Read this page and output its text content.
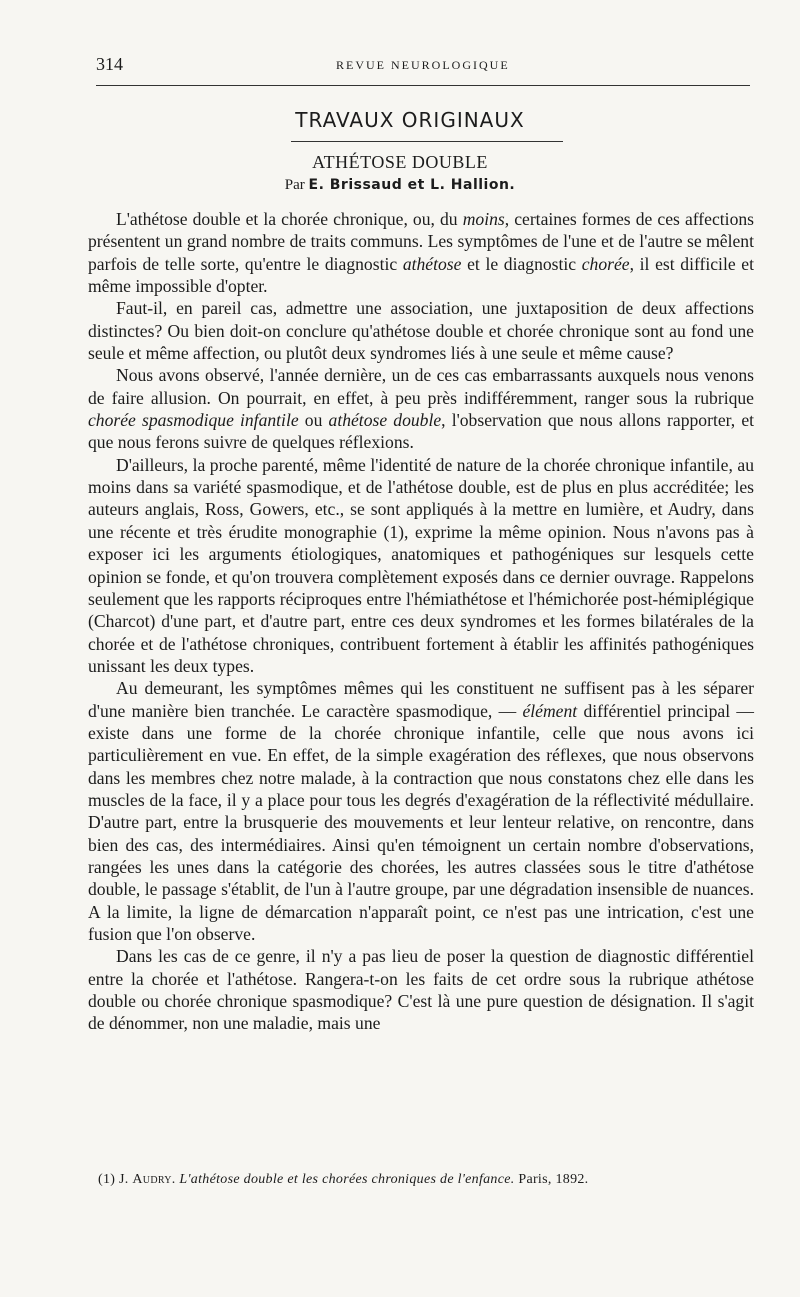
314	REVUE NEUROLOGIQUE
TRAVAUX ORIGINAUX
ATHÉTOSE DOUBLE
Par E. Brissaud et L. Hallion.

L'athétose double et la chorée chronique, ou, du moins, certaines formes de ces affections présentent un grand nombre de traits communs. Les symptômes de l'une et de l'autre se mêlent parfois de telle sorte, qu'entre le diagnostic athétose et le diagnostic chorée, il est difficile et même impossible d'opter.

Faut-il, en pareil cas, admettre une association, une juxtaposition de deux affections distinctes? Ou bien doit-on conclure qu'athétose double et chorée chronique sont au fond une seule et même affection, ou plutôt deux syndromes liés à une seule et même cause?

Nous avons observé, l'année dernière, un de ces cas embarrassants auxquels nous venons de faire allusion. On pourrait, en effet, à peu près indifféremment, ranger sous la rubrique chorée spasmodique infantile ou athétose double, l'observation que nous allons rapporter, et que nous ferons suivre de quelques réflexions.

D'ailleurs, la proche parenté, même l'identité de nature de la chorée chronique infantile, au moins dans sa variété spasmodique, et de l'athétose double, est de plus en plus accréditée; les auteurs anglais, Ross, Gowers, etc., se sont appliqués à la mettre en lumière, et Audry, dans une récente et très érudite monographie (1), exprime la même opinion. Nous n'avons pas à exposer ici les arguments étiologiques, anatomiques et pathogéniques sur lesquels cette opinion se fonde, et qu'on trouvera complètement exposés dans ce dernier ouvrage. Rappelons seulement que les rapports réciproques entre l'hémiathétose et l'hémichorée post-hémiplégique (Charcot) d'une part, et d'autre part, entre ces deux syndromes et les formes bilatérales de la chorée et de l'athétose chroniques, contribuent fortement à établir les affinités pathogéniques unissant les deux types.

Au demeurant, les symptômes mêmes qui les constituent ne suffisent pas à les séparer d'une manière bien tranchée. Le caractère spasmodique, — élément différentiel principal — existe dans une forme de la chorée chronique infantile, celle que nous avons ici particulièrement en vue. En effet, de la simple exagération des réflexes, que nous observons dans les membres chez notre malade, à la contraction que nous constatons chez elle dans les muscles de la face, il y a place pour tous les degrés d'exagération de la réflectivité médullaire. D'autre part, entre la brusquerie des mouvements et leur lenteur relative, on rencontre, dans bien des cas, des intermédiaires. Ainsi qu'en témoignent un certain nombre d'observations, rangées les unes dans la catégorie des chorées, les autres classées sous le titre d'athétose double, le passage s'établit, de l'un à l'autre groupe, par une dégradation insensible de nuances. A la limite, la ligne de démarcation n'apparaît point, ce n'est pas une intrication, c'est une fusion que l'on observe.

Dans les cas de ce genre, il n'y a pas lieu de poser la question de diagnostic différentiel entre la chorée et l'athétose. Rangera-t-on les faits de cet ordre sous la rubrique athétose double ou chorée chronique spasmodique? C'est là une pure question de désignation. Il s'agit de dénommer, non une maladie, mais une

(1) J. Audry. L'athétose double et les chorées chroniques de l'enfance. Paris, 1892.
